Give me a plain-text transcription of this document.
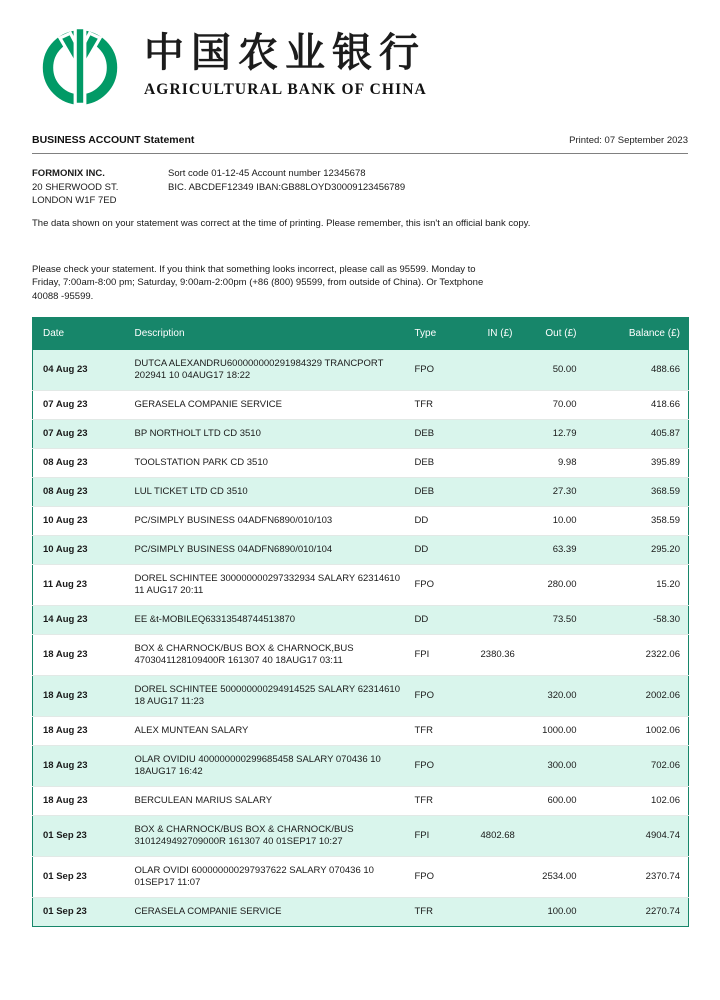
中国农业银行
AGRICULTURAL BANK OF CHINA
BUSINESS ACCOUNT Statement	Printed: 07 September 2023
FORMONIX INC.
20 SHERWOOD ST.
LONDON W1F 7ED
Sort code 01-12-45 Account number 12345678
BIC. ABCDEF12349 IBAN:GB88LOYD30009123456789

The data shown on your statement was correct at the time of printing. Please remember, this isn't an official bank copy.

Please check your statement. If you think that something looks incorrect, please call as 95599. Monday to Friday, 7:00am-8:00 pm; Saturday, 9:00am-2:00pm (+86 (800) 95599, from outside of China). Or Textphone 40088 -95599.

Date	Description	Type	IN (£)	Out (£)	Balance (£)
04 Aug 23	DUTCA ALEXANDRU600000000291984329 TRANCPORT 202941 10 04AUG17 18:22	FPO		50.00	488.66
07 Aug 23	GERASELA COMPANIE SERVICE	TFR		70.00	418.66
07 Aug 23	BP NORTHOLT LTD CD 3510	DEB		12.79	405.87
08 Aug 23	TOOLSTATION PARK CD 3510	DEB		9.98	395.89
08 Aug 23	LUL TICKET LTD CD 3510	DEB		27.30	368.59
10 Aug 23	PC/SIMPLY BUSINESS 04ADFN6890/010/103	DD		10.00	358.59
10 Aug 23	PC/SIMPLY BUSINESS 04ADFN6890/010/104	DD		63.39	295.20
11 Aug 23	DOREL SCHINTEE 300000000297332934 SALARY 62314610 11 AUG17 20:11	FPO		280.00	15.20
14 Aug 23	EE &t-MOBILEQ63313548744513870	DD		73.50	-58.30
18 Aug 23	BOX & CHARNOCK/BUS BOX & CHARNOCK,BUS 4703041128109400R 161307 40 18AUG17 03:11	FPI	2380.36		2322.06
18 Aug 23	DOREL SCHINTEE 500000000294914525 SALARY 62314610 18 AUG17 11:23	FPO		320.00	2002.06
18 Aug 23	ALEX MUNTEAN SALARY	TFR		1000.00	1002.06
18 Aug 23	OLAR OVIDIU 400000000299685458 SALARY 070436 10 18AUG17 16:42	FPO		300.00	702.06
18 Aug 23	BERCULEAN MARIUS SALARY	TFR		600.00	102.06
01 Sep 23	BOX & CHARNOCK/BUS BOX & CHARNOCK/BUS 3101249492709000R 161307 40 01SEP17 10:27	FPI	4802.68		4904.74
01 Sep 23	OLAR OVIDI 600000000297937622 SALARY 070436 10 01SEP17 11:07	FPO		2534.00	2370.74
01 Sep 23	CERASELA COMPANIE SERVICE	TFR		100.00	2270.74
